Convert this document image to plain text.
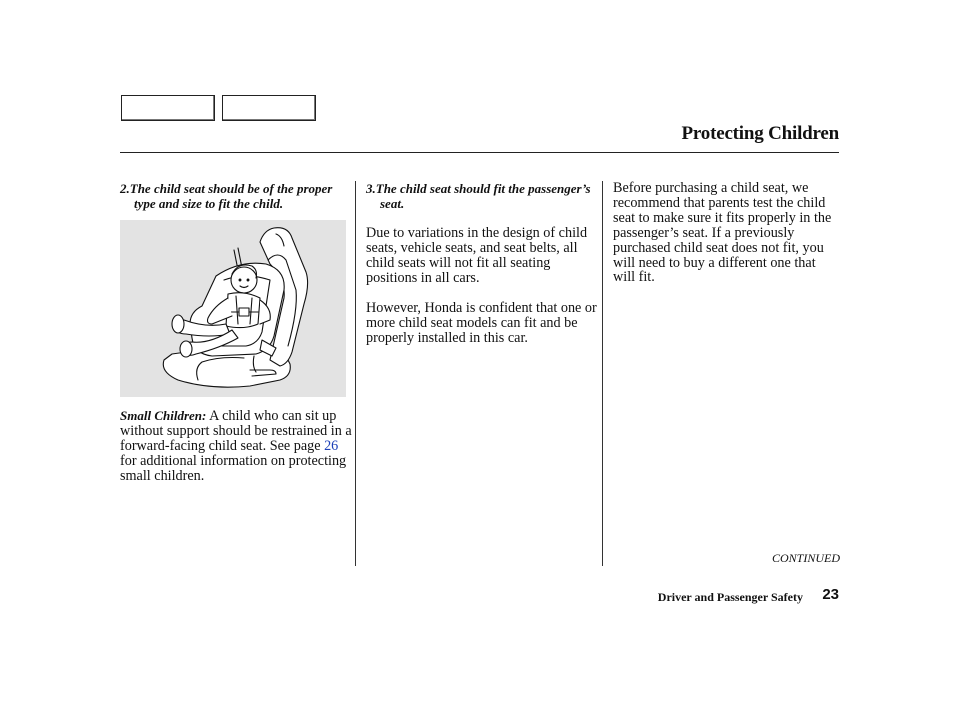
Protecting Children

2.The child seat should be of the proper type and size to fit the child.

Small Children: A child who can sit up without support should be restrained in a forward-facing child seat. See page 26 for additional information on protecting small children.

3.The child seat should fit the passenger’s seat.

Due to variations in the design of child seats, vehicle seats, and seat belts, all child seats will not fit all seating positions in all cars.

However, Honda is confident that one or more child seat models can fit and be properly installed in this car.

Before purchasing a child seat, we recommend that parents test the child seat to make sure it fits properly in the passenger’s seat. If a previously purchased child seat does not fit, you will need to buy a different one that will fit.

CONTINUED
Driver and Passenger Safety 23
